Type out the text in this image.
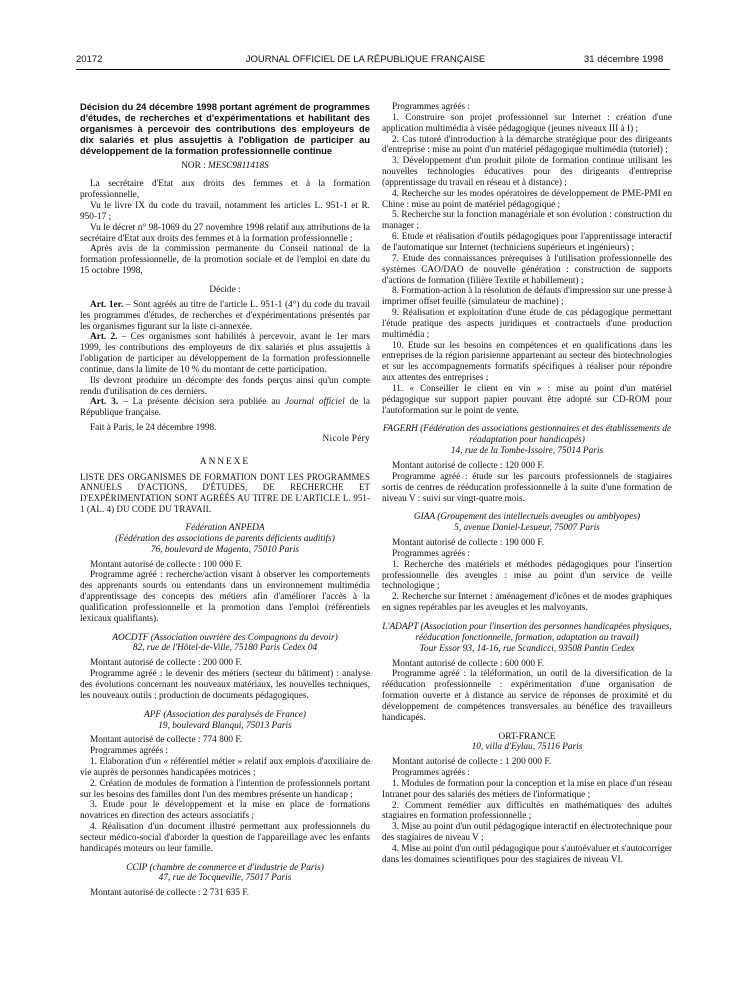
20172	JOURNAL OFFICIEL DE LA RÉPUBLIQUE FRANÇAISE	31 décembre 1998

Décision du 24 décembre 1998 portant agrément de programmes d'études, de recherches et d'expérimentations et habilitant des organismes à percevoir des contributions des employeurs de dix salariés et plus assujettis à l'obligation de participer au développement de la formation professionnelle continue

NOR : MESC9811418S

La secrétaire d'Etat aux droits des femmes et à la formation professionnelle,

Vu le livre IX du code du travail, notamment les articles L. 951-1 et R. 950-17 ;

Vu le décret n° 98-1069 du 27 novembre 1998 relatif aux attributions de la secrétaire d'Etat aux droits des femmes et à la formation professionnelle ;

Après avis de la commission permanente du Conseil national de la formation professionnelle, de la promotion sociale et de l'emploi en date du 15 octobre 1998,

Décide :

Art. 1er. – Sont agréés au titre de l'article L. 951-1 (4°) du code du travail les programmes d'études, de recherches et d'expérimentations présentés par les organismes figurant sur la liste ci-annexée.

Art. 2. – Ces organismes sont habilités à percevoir, avant le 1er mars 1999, les contributions des employeurs de dix salariés et plus assujettis à l'obligation de participer au développement de la formation professionnelle continue, dans la limite de 10 % du montant de cette participation.

Ils devront produire un décompte des fonds perçus ainsi qu'un compte rendu d'utilisation de ces derniers.

Art. 3. – La présente décision sera publiée au Journal officiel de la République française.

Fait à Paris, le 24 décembre 1998.

Nicole Péry

ANNEXE

LISTE DES ORGANISMES DE FORMATION DONT LES PROGRAMMES ANNUELS D'ACTIONS, D'ÉTUDES, DE RECHERCHE ET D'EXPÉRIMENTATION SONT AGRÉÉS AU TITRE DE L'ARTICLE L. 951-1 (AL. 4) DU CODE DU TRAVAIL

Fédération ANPEDA

(Fédération des associations de parents déficients auditifs)

76, boulevard de Magenta, 75010 Paris

Montant autorisé de collecte : 100 000 F.

Programme agréé : recherche/action visant à observer les comportements des apprenants sourds ou entendants dans un environnement multimédia d'apprentissage des concepts des métiers afin d'améliorer l'accès à la qualification professionnelle et la promotion dans l'emploi (référentiels lexicaux qualifiants).

AOCDTF (Association ouvrière des Compagnons du devoir)

82, rue de l'Hôtel-de-Ville, 75180 Paris Cedex 04

Montant autorisé de collecte : 200 000 F.

Programme agréé : le devenir des métiers (secteur du bâtiment) : analyse des évolutions concernant les nouveaux matériaux, les nouvelles techniques, les nouveaux outils ; production de documents pédagogiques.

APF (Association des paralysés de France)

19, boulevard Blanqui, 75013 Paris

Montant autorisé de collecte : 774 800 F.

Programmes agréés :

1. Elaboration d'un « référentiel métier » relatif aux emplois d'auxiliaire de vie auprès de personnes handicapées motrices ;

2. Création de modules de formation à l'intention de professionnels portant sur les besoins des familles dont l'un des membres présente un handicap ;

3. Etude pour le développement et la mise en place de formations novatrices en direction des acteurs associatifs ;

4. Réalisation d'un document illustré permettant aux professionnels du secteur médico-social d'aborder la question de l'appareillage avec les enfants handicapés moteurs ou leur famille.

CCIP (chambre de commerce et d'industrie de Paris)

47, rue de Tocqueville, 75017 Paris

Montant autorisé de collecte : 2 731 635 F.

Programmes agréés :

1. Construire son projet professionnel sur Internet : création d'une application multimédia à visée pédagogique (jeunes niveaux III à I) ;

2. Cas tutoré d'introduction à la démarche stratégique pour des dirigeants d'entreprise : mise au point d'un matériel pédagogique multimédia (tutoriel) ;

3. Développement d'un produit pilote de formation continue utilisant les nouvelles technologies éducatives pour des dirigeants d'entreprise (apprentissage du travail en réseau et à distance) ;

4. Recherche sur les modes opératoires de développement de PME-PMI en Chine : mise au point de matériel pédagogique ;

5. Recherche sur la fonction managériale et son évolution : construction du manager ;

6. Etude et réalisation d'outils pédagogiques pour l'apprentissage interactif de l'automatique sur Internet (techniciens supérieurs et ingénieurs) ;

7. Etude des connaissances prérequises à l'utilisation professionnelle des systèmes CAO/DAO de nouvelle génération : construction de supports d'actions de formation (filière Textile et habillement) ;

8. Formation-action à la résolution de défauts d'impression sur une presse à imprimer offset feuille (simulateur de machine) ;

9. Réalisation et exploitation d'une étude de cas pédagogique permettant l'étude pratique des aspects juridiques et contractuels d'une production multimédia ;

10. Etude sur les besoins en compétences et en qualifications dans les entreprises de la région parisienne appartenant au secteur des biotechnologies et sur les accompagnements formatifs spécifiques à réaliser pour répondre aux attentes des entreprises ;

11. « Conseiller le client en vin » : mise au point d'un matériel pédagogique sur support papier pouvant être adopté sur CD-ROM pour l'autoformation sur le point de vente.

FAGERH (Fédération des associations gestionnaires et des établissements de réadaptation pour handicapés)

14, rue de la Tombe-Issoire, 75014 Paris

Montant autorisé de collecte : 120 000 F.

Programme agréé : étude sur les parcours professionnels de stagiaires sortis de centres de rééducation professionnelle à la suite d'une formation de niveau V : suivi sur vingt-quatre mois.

GIAA (Groupement des intellectuels aveugles ou amblyopes)

5, avenue Daniel-Lesueur, 75007 Paris

Montant autorisé de collecte : 190 000 F.

Programmes agréés :

1. Recherche des matériels et méthodes pédagogiques pour l'insertion professionnelle des aveugles : mise au point d'un service de veille technologique ;

2. Recherche sur Internet : aménagement d'icônes et de modes graphiques en signes repérables par les aveugles et les malvoyants.

L'ADAPT (Association pour l'insertion des personnes handicapées physiques, rééducation fonctionnelle, formation, adaptation au travail)

Tour Essor 93, 14-16, rue Scandicci, 93508 Pantin Cedex

Montant autorisé de collecte : 600 000 F.

Programme agréé : la téléformation, un outil de la diversification de la rééducation professionnelle : expérimentation d'une organisation de formation ouverte et à distance au service de réponses de proximité et du développement de compétences transversales au bénéfice des travailleurs handicapés.

ORT-FRANCE

10, villa d'Eylau, 75116 Paris

Montant autorisé de collecte : 1 200 000 F.

Programmes agréés :

1. Modules de formation pour la conception et la mise en place d'un réseau Intranet pour des salariés des métiers de l'informatique ;

2. Comment remédier aux difficultés en mathématiques des adultes stagiaires en formation professionnelle ;

3. Mise au point d'un outil pédagogique interactif en électrotechnique pour des stagiaires de niveau V ;

4. Mise au point d'un outil pédagogique pour s'autoévaluer et s'autocorriger dans les domaines scientifiques pour des stagiaires de niveau VI.
